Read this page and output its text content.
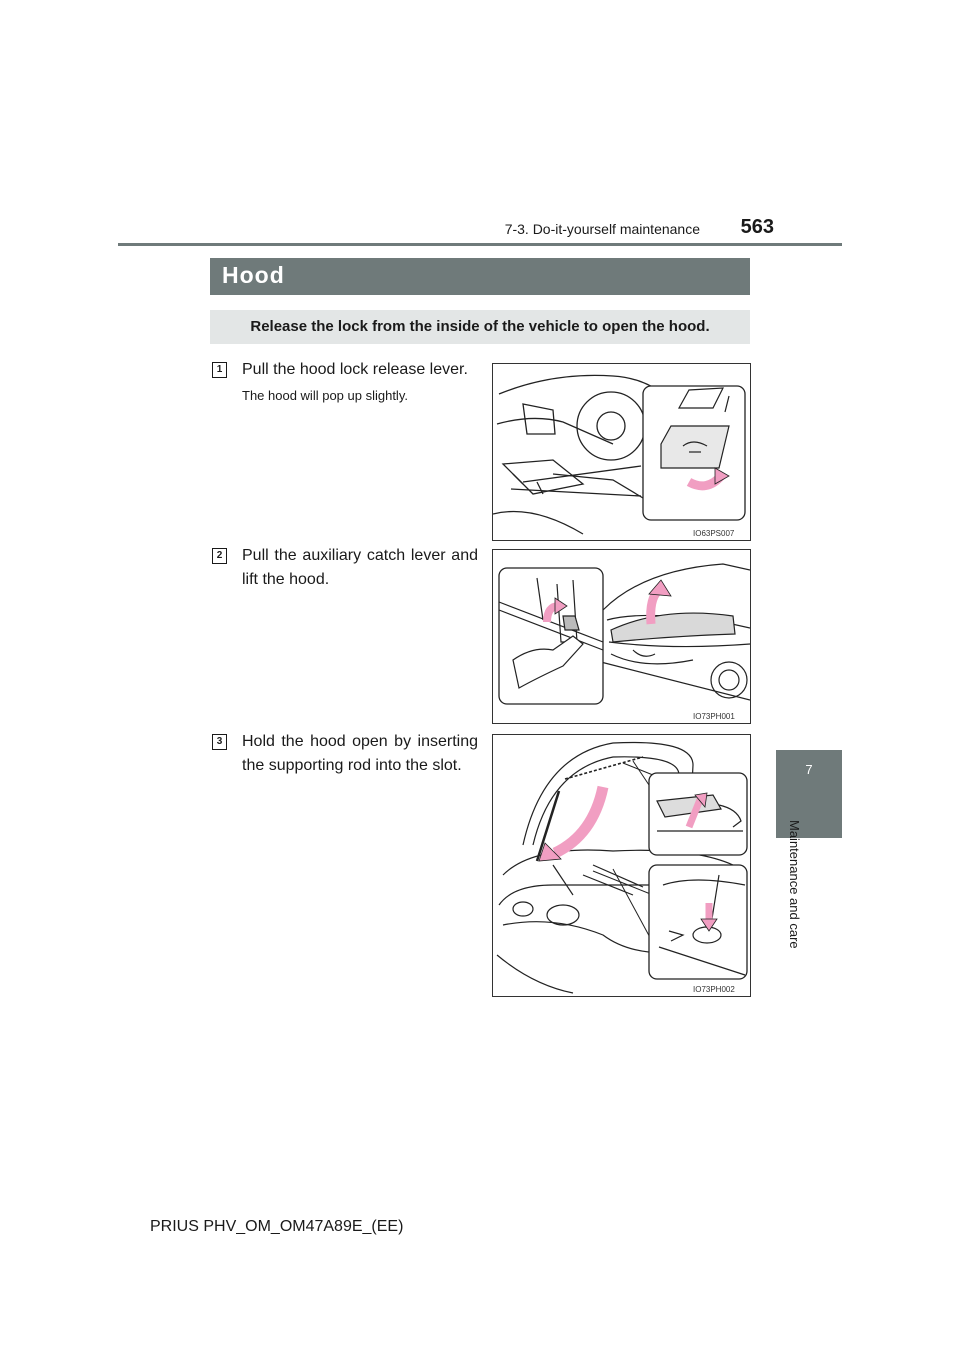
7-3. Do-it-yourself maintenance	563
7
Maintenance and care
Hood
Release the lock from the inside of the vehicle to open the hood.
1 Pull the hood lock release lever.
The hood will pop up slightly.
IO63PS007
2 Pull the auxiliary catch lever and lift the hood.
IO73PH001
3 Hold the hood open by inserting the supporting rod into the slot.
IO73PH002
PRIUS PHV_OM_OM47A89E_(EE)
